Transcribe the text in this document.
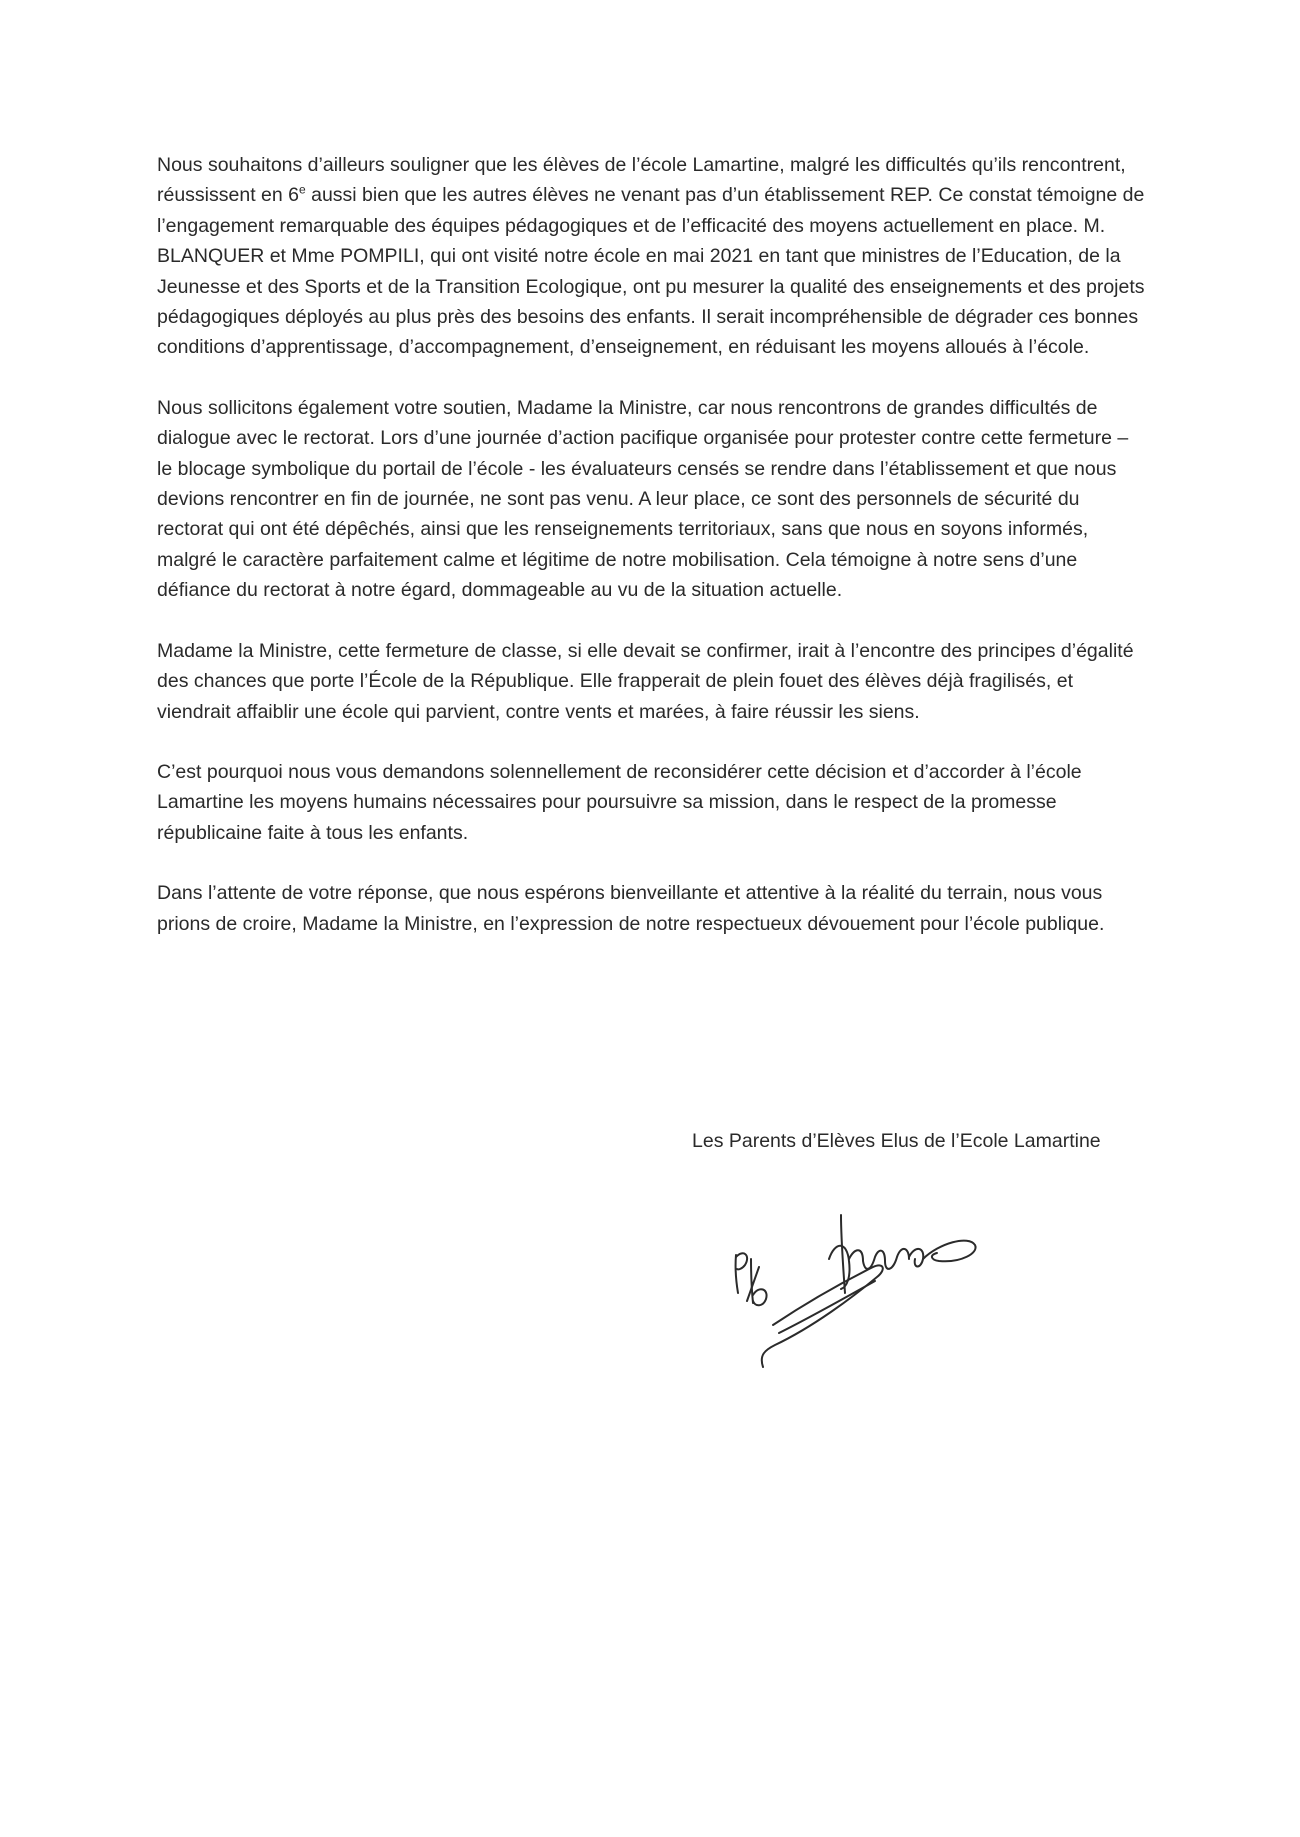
Nous souhaitons d’ailleurs souligner que les élèves de l’école Lamartine, malgré les difficultés qu’ils rencontrent, réussissent en 6e aussi bien que les autres élèves ne venant pas d’un établissement REP. Ce constat témoigne de l’engagement remarquable des équipes pédagogiques et de l’efficacité des moyens actuellement en place. M. BLANQUER et Mme POMPILI, qui ont visité notre école en mai 2021 en tant que ministres de l’Education, de la Jeunesse et des Sports et de la Transition Ecologique, ont pu mesurer la qualité des enseignements et des projets pédagogiques déployés au plus près des besoins des enfants. Il serait incompréhensible de dégrader ces bonnes conditions d’apprentissage, d’accompagnement, d’enseignement, en réduisant les moyens alloués à l’école.

Nous sollicitons également votre soutien, Madame la Ministre, car nous rencontrons de grandes difficultés de dialogue avec le rectorat. Lors d’une journée d’action pacifique organisée pour protester contre cette fermeture – le blocage symbolique du portail de l’école - les évaluateurs censés se rendre dans l’établissement et que nous devions rencontrer en fin de journée, ne sont pas venu. A leur place, ce sont des personnels de sécurité du rectorat qui ont été dépêchés, ainsi que les renseignements territoriaux, sans que nous en soyons informés, malgré le caractère parfaitement calme et légitime de notre mobilisation. Cela témoigne à notre sens d’une défiance du rectorat à notre égard, dommageable au vu de la situation actuelle.

Madame la Ministre, cette fermeture de classe, si elle devait se confirmer, irait à l’encontre des principes d’égalité des chances que porte l’École de la République. Elle frapperait de plein fouet des élèves déjà fragilisés, et viendrait affaiblir une école qui parvient, contre vents et marées, à faire réussir les siens.

C’est pourquoi nous vous demandons solennellement de reconsidérer cette décision et d’accorder à l’école Lamartine les moyens humains nécessaires pour poursuivre sa mission, dans le respect de la promesse républicaine faite à tous les enfants.

Dans l’attente de votre réponse, que nous espérons bienveillante et attentive à la réalité du terrain, nous vous prions de croire, Madame la Ministre, en l’expression de notre respectueux dévouement pour l’école publique.

Les Parents d’Elèves Elus de l’Ecole Lamartine
